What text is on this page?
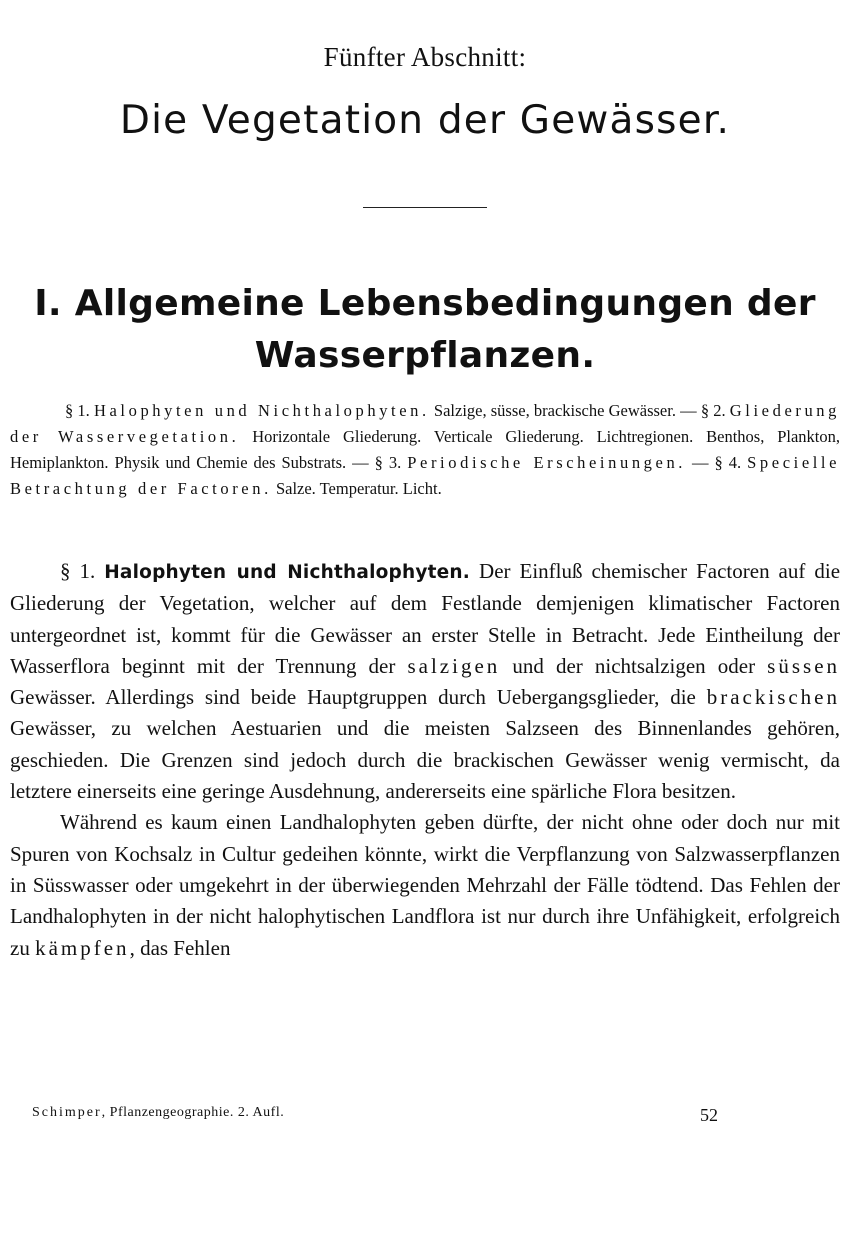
Fünfter Abschnitt:
Die Vegetation der Gewässer.
I. Allgemeine Lebensbedingungen der
Wasserpflanzen.
§ 1. Halophyten und Nichthalophyten. Salzige, süsse, brackische Gewässer. — § 2. Gliederung der Wasservegetation. Horizontale Gliederung. Verticale Gliederung. Lichtregionen. Benthos, Plankton, Hemiplankton. Physik und Chemie des Substrats. — § 3. Periodische Erscheinungen. — § 4. Specielle Betrachtung der Factoren. Salze. Temperatur. Licht.

§ 1. Halophyten und Nichthalophyten. Der Einfluß chemischer Factoren auf die Gliederung der Vegetation, welcher auf dem Festlande demjenigen klimatischer Factoren untergeordnet ist, kommt für die Gewässer an erster Stelle in Betracht. Jede Eintheilung der Wasserflora beginnt mit der Trennung der salzigen und der nichtsalzigen oder süssen Gewässer. Allerdings sind beide Hauptgruppen durch Uebergangsglieder, die brackischen Gewässer, zu welchen Aestuarien und die meisten Salzseen des Binnenlandes gehören, geschieden. Die Grenzen sind jedoch durch die brackischen Gewässer wenig vermischt, da letztere einerseits eine geringe Ausdehnung, andererseits eine spärliche Flora besitzen.

Während es kaum einen Landhalophyten geben dürfte, der nicht ohne oder doch nur mit Spuren von Kochsalz in Cultur gedeihen könnte, wirkt die Verpflanzung von Salzwasserpflanzen in Süsswasser oder umgekehrt in der überwiegenden Mehrzahl der Fälle tödtend. Das Fehlen der Landhalophyten in der nicht halophytischen Landflora ist nur durch ihre Unfähigkeit, erfolgreich zu kämpfen, das Fehlen

Schimper, Pflanzengeographie. 2. Aufl.	52
